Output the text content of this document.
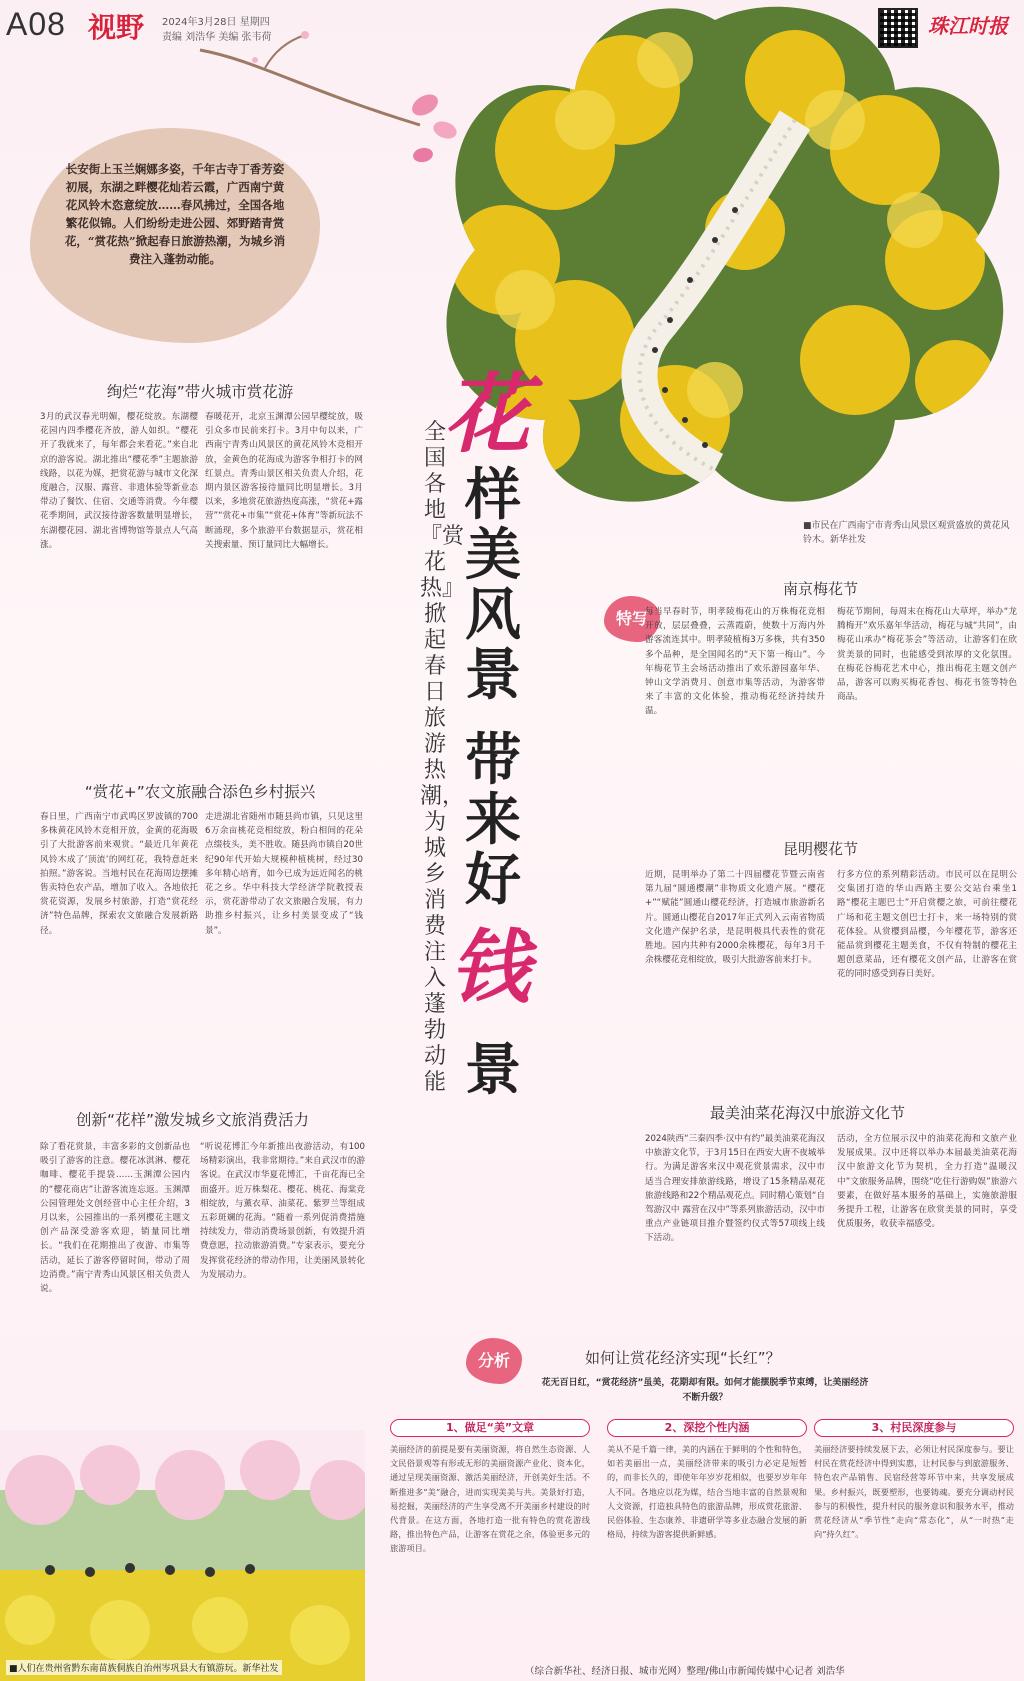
A08 视野 2024年3月28日 星期四
责编 刘浩华 美编 张韦荷	珠江时报
长安街上玉兰娴娜多姿，千年古寺丁香芳姿初展，东湖之畔樱花灿若云霞，广西南宁黄花风铃木恣意绽放……春风拂过，全国各地繁花似锦。人们纷纷走进公园、郊野踏青赏花，“赏花热”掀起春日旅游热潮，为城乡消费注入蓬勃动能。
■市民在广西南宁市青秀山风景区观赏盛放的黄花风铃木。新华社发
全国各地『赏花热』掀起春日旅游热潮，为城乡消费注入蓬勃动能
花
样
美
风
景
带
来
好
钱
景
绚烂“花海”带火城市赏花游
3月的武汉春光明媚，樱花绽放。东湖樱花园内四季樱花齐放，游人如织。“樱花开了我就来了，每年都会来看花。”来自北京的游客说。湖北推出“樱花季”主题旅游线路，以花为媒，把赏花游与城市文化深度融合，汉服、露营、非遗体验等新业态带动了餐饮、住宿、交通等消费。今年樱花季期间，武汉接待游客数量明显增长，东湖樱花园、湖北省博物馆等景点人气高涨。
春暖花开，北京玉渊潭公园早樱绽放，吸引众多市民前来打卡。3月中旬以来，广西南宁青秀山风景区的黄花风铃木竞相开放，金黄色的花海成为游客争相打卡的网红景点。青秀山景区相关负责人介绍，花期内景区游客接待量同比明显增长。3月以来，多地赏花旅游热度高涨，“赏花+露营”“赏花+市集”“赏花+体育”等新玩法不断涌现，多个旅游平台数据显示，赏花相关搜索量、预订量同比大幅增长。
“赏花+”农文旅融合添色乡村振兴
春日里，广西南宁市武鸣区罗波镇的700多株黄花风铃木竞相开放，金黄的花海吸引了大批游客前来观赏。“最近几年黄花风铃木成了‘顶流’的网红花，我特意赶来拍照。”游客说。当地村民在花海周边摆摊售卖特色农产品，增加了收入。各地依托赏花资源，发展乡村旅游，打造“赏花经济”特色品牌，探索农文旅融合发展新路径。
走进湖北省随州市随县尚市镇，只见这里6万余亩桃花竞相绽放，粉白相间的花朵点缀枝头，美不胜收。随县尚市镇自20世纪90年代开始大规模种植桃树，经过30多年精心培育，如今已成为远近闻名的桃花之乡。华中科技大学经济学院教授表示，赏花游带动了农文旅融合发展，有力助推乡村振兴，让乡村美景变成了“钱景”。
创新“花样”激发城乡文旅消费活力
除了看花赏景，丰富多彩的文创新品也吸引了游客的注意。樱花冰淇淋、樱花咖啡、樱花手提袋……玉渊潭公园内的“樱花商店”让游客流连忘返。玉渊潭公园管理处文创经营中心主任介绍，3月以来，公园推出的一系列樱花主题文创产品深受游客欢迎，销量同比增长。“我们在花期推出了夜游、市集等活动，延长了游客停留时间，带动了周边消费。”南宁青秀山风景区相关负责人说。
“听说花博汇今年新推出夜游活动，有100场精彩演出，我非常期待。”来自武汉市的游客说。在武汉市华夏花博汇，千亩花海已全面盛开。近万株梨花、樱花、桃花、海棠竞相绽放，与薰衣草、油菜花、紫罗兰等组成五彩斑斓的花海。“随着一系列促消费措施持续发力，带动消费场景创新，有效提升消费意愿，拉动旅游消费。”专家表示，要充分发挥赏花经济的带动作用，让美丽风景转化为发展动力。
特写
南京梅花节
每当早春时节，明孝陵梅花山的万株梅花竞相开放，层层叠叠，云蒸霞蔚，使数十万海内外游客流连其中。明孝陵植梅3万多株，共有350多个品种，是全国闻名的“天下第一梅山”。今年梅花节主会场活动推出了欢乐游园嘉年华、钟山文学消费月、创意市集等活动，为游客带来了丰富的文化体验，推动梅花经济持续升温。
梅花节期间，每周末在梅花山大草坪，举办“龙腾梅开”欢乐嘉年华活动，梅花与城“共同”，由梅花山承办“梅花茶会”等活动，让游客们在欣赏美景的同时，也能感受到浓厚的文化氛围。在梅花谷梅花艺术中心，推出梅花主题文创产品，游客可以购买梅花香包、梅花书签等特色商品。
昆明樱花节
近期，昆明举办了第二十四届樱花节暨云南省第九届“圆通樱潮”非物质文化遗产展。“樱花+”“赋能”圆通山樱花经济，打造城市旅游新名片。圆通山樱花自2017年正式列入云南省物质文化遗产保护名录，是昆明极具代表性的赏花胜地。园内共种有2000余株樱花，每年3月千余株樱花竞相绽放，吸引大批游客前来打卡。
行多方位的系列精彩活动。市民可以在昆明公交集团打造的华山西路主要公交站台乘坐1路“樱花主题巴士”开启赏樱之旅，可前往樱花广场和花主题文创巴士打卡，来一场特别的赏花体验。从赏樱到品樱，今年樱花节，游客还能品赏到樱花主题美食，不仅有特制的樱花主题创意菜品，还有樱花文创产品，让游客在赏花的同时感受到春日美好。
最美油菜花海汉中旅游文化节
2024陕西“三秦四季·汉中有约”最美油菜花海汉中旅游文化节，于3月15日在西安大唐不夜城举行。为满足游客来汉中观花赏景需求，汉中市适当合理安排旅游线路，增设了15条精品观花旅游线路和22个精品观花点。同时精心策划“自驾游汉中 露营在汉中”等系列旅游活动，汉中市重点产业链项目推介暨签约仪式等57项线上线下活动。
活动，全方位展示汉中的油菜花海和文旅产业发展成果。汉中还将以举办本届最美油菜花海汉中旅游文化节为契机，全力打造“温暖汉中”文旅服务品牌，围绕“吃住行游购娱”旅游六要素，在做好基本服务的基础上，实施旅游服务提升工程，让游客在欣赏美景的同时，享受优质服务，收获幸福感受。
分析	如何让赏花经济实现“长红”？
花无百日红，“赏花经济”虽美，花期却有限。如何才能摆脱季节束缚，让美丽经济不断升级？
1、做足“美”文章
美丽经济的前提是要有美丽资源，将自然生态资源、人文民俗景观等有形或无形的美丽资源产业化、资本化，通过呈现美丽资源、激活美丽经济，开创美好生活。不断推进多“美”融合，进而实现美美与共。美景好打造，易挖掘，美丽经济的产生享受离不开美丽乡村建设的时代背景。在这方面，各地打造一批有特色的赏花游线路，推出特色产品，让游客在赏花之余，体验更多元的旅游项目。
2、深挖个性内涵
美从不是千篇一律，美的内涵在于鲜明的个性和特色，如若美丽出一点，美丽经济带来的吸引力必定是短暂的，而非长久的，即使年年岁岁花相似，也要岁岁年年人不同。各地应以花为媒，结合当地丰富的自然景观和人文资源，打造独具特色的旅游品牌，形成赏花旅游、民俗体验、生态康养、非遗研学等多业态融合发展的新格局，持续为游客提供新鲜感。
3、村民深度参与
美丽经济要持续发展下去，必须让村民深度参与。要让村民在赏花经济中得到实惠，让村民参与到旅游服务、特色农产品销售、民宿经营等环节中来，共享发展成果。乡村振兴，既要塑形，也要铸魂。要充分调动村民参与的积极性，提升村民的服务意识和服务水平，推动赏花经济从“季节性”走向“常态化”，从“一时热”走向“持久红”。
■人们在贵州省黔东南苗族侗族自治州岑巩县大有镇游玩。新华社发	（综合新华社、经济日报、城市光网）整理/佛山市新闻传媒中心记者 刘浩华
